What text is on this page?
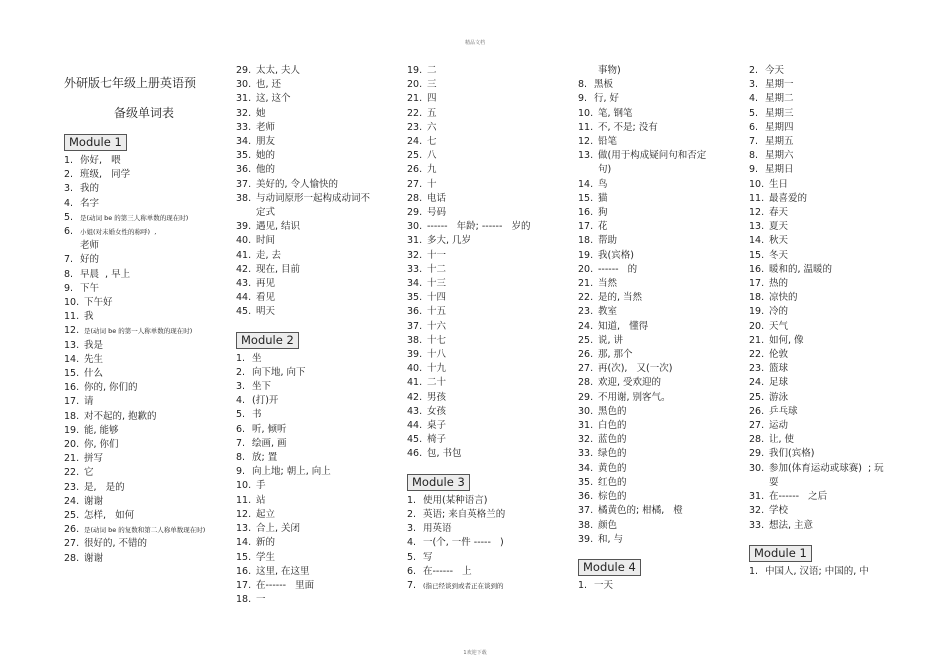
精品文档
外研版七年级上册英语预
备级单词表
Module 1
1. 你好,   喂
2. 班级,   同学
3. 我的
4. 名字
5.	是(动词 be 的第三人称单数的现在时)
6.	小姐(对未婚女性的称呼)  ,
老师
7. 好的
8. 早晨  , 早上
9. 下午
10. 下午好
11. 我
12. 是(动词 be 的第一人称单数的现在时)
13. 我是
14. 先生
15. 什么
16. 你的, 你们的
17. 请
18. 对不起的, 抱歉的
19. 能, 能够
20. 你, 你们
21. 拼写
22. 它
23. 是,   是的
24. 谢谢
25. 怎样,   如何
26. 是(动词 be 的复数和第二人称单数现在时)
27. 很好的, 不错的
28. 谢谢
29. 太太, 夫人
30. 也, 还
31. 这, 这个
32. 她
33. 老师
34. 朋友
35. 她的
36. 他的
37. 美好的, 令人愉快的
38. 与动词原形一起构成动词不
定式
39. 遇见, 结识
40. 时间
41. 走, 去
42. 现在, 目前
43. 再见
44. 看见
45. 明天
Module 2
1. 坐
2. 向下地, 向下
3. 坐下
4. (打)开
5. 书
6. 听, 倾听
7. 绘画, 画
8. 放; 置
9. 向上地; 朝上, 向上
10. 手
11. 站
12. 起立
13. 合上, 关闭
14. 新的
15. 学生
16. 这里, 在这里
17. 在------   里面
18. 一
19. 二
20. 三
21. 四
22. 五
23. 六
24. 七
25. 八
26. 九
27. 十
28. 电话
29. 号码
30. ------   年龄; ------   岁的
31. 多大, 几岁
32. 十一
33. 十二
34. 十三
35. 十四
36. 十五
37. 十六
38. 十七
39. 十八
40. 十九
41. 二十
42. 男孩
43. 女孩
44. 桌子
45. 椅子
46. 包, 书包
Module 3
1. 使用(某种语言)
2. 英语; 来自英格兰的
3. 用英语
4. 一(个, 一件 -----   )
5. 写
6. 在------   上
7.	(指已经谈到或者正在谈到的
事物)
8. 黑板
9. 行, 好
10. 笔, 钢笔
11. 不, 不是; 没有
12. 铅笔
13. 做(用于构成疑问句和否定
句)
14. 鸟
15. 猫
16. 狗
17. 花
18. 帮助
19. 我(宾格)
20. ------   的
21. 当然
22. 是的, 当然
23. 教室
24. 知道,   懂得
25. 说, 讲
26. 那, 那个
27. 再(次),   又(一次)
28. 欢迎, 受欢迎的
29. 不用谢, 别客气。
30. 黑色的
31. 白色的
32. 蓝色的
33. 绿色的
34. 黄色的
35. 红色的
36. 棕色的
37. 橘黄色的; 柑橘,   橙
38. 颜色
39. 和, 与
Module 4
1. 一天
2. 今天
3. 星期一
4. 星期二
5. 星期三
6. 星期四
7. 星期五
8. 星期六
9. 星期日
10. 生日
11. 最喜爱的
12. 春天
13. 夏天
14. 秋天
15. 冬天
16. 暖和的, 温暖的
17. 热的
18. 凉快的
19. 冷的
20. 天气
21. 如何, 像
22. 伦敦
23. 篮球
24. 足球
25. 游泳
26. 乒乓球
27. 运动
28. 让, 使
29. 我们(宾格)
30. 参加(体育运动或球赛)  ; 玩
耍
31. 在------   之后
32. 学校
33. 想法, 主意
Module 1
1. 中国人, 汉语; 中国的, 中
1欢迎下载
